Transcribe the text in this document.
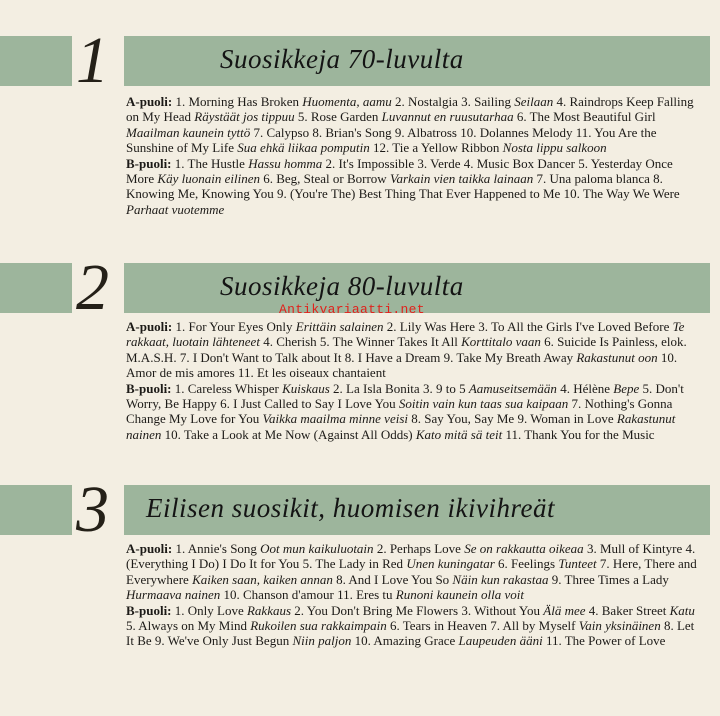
1	Suosikkeja 70-luvulta

A-puoli: 1. Morning Has Broken Huomenta, aamu 2. Nostalgia 3. Sailing Seilaan 4. Raindrops Keep Falling on My Head Räystäät jos tippuu 5. Rose Garden Luvannut en ruusutarhaa 6. The Most Beautiful Girl Maailman kaunein tyttö 7. Calypso 8. Brian's Song 9. Albatross 10. Dolannes Melody 11. You Are the Sunshine of My Life Sua ehkä liikaa pomputin 12. Tie a Yellow Ribbon Nosta lippu salkoon

B-puoli: 1. The Hustle Hassu homma 2. It's Impossible 3. Verde 4. Music Box Dancer 5. Yesterday Once More Käy luonain eilinen 6. Beg, Steal or Borrow Varkain vien taikka lainaan 7. Una paloma blanca 8. Knowing Me, Knowing You 9. (You're The) Best Thing That Ever Happened to Me 10. The Way We Were Parhaat vuotemme

2	Suosikkeja 80-luvulta

A-puoli: 1. For Your Eyes Only Erittäin salainen 2. Lily Was Here 3. To All the Girls I've Loved Before Te rakkaat, luotain lähteneet 4. Cherish 5. The Winner Takes It All Korttitalo vaan 6. Suicide Is Painless, elok. M.A.S.H. 7. I Don't Want to Talk about It 8. I Have a Dream 9. Take My Breath Away Rakastunut oon 10. Amor de mis amores 11. Et les oiseaux chantaient

B-puoli: 1. Careless Whisper Kuiskaus 2. La Isla Bonita 3. 9 to 5 Aamuseitsemään 4. Hélène Bepe 5. Don't Worry, Be Happy 6. I Just Called to Say I Love You Soitin vain kun taas sua kaipaan 7. Nothing's Gonna Change My Love for You Vaikka maailma minne veisi 8. Say You, Say Me 9. Woman in Love Rakastunut nainen 10. Take a Look at Me Now (Against All Odds) Kato mitä sä teit 11. Thank You for the Music

3 Eilisen suosikit, huomisen ikivihreät

A-puoli: 1. Annie's Song Oot mun kaikuluotain 2. Perhaps Love Se on rakkautta oikeaa 3. Mull of Kintyre 4. (Everything I Do) I Do It for You 5. The Lady in Red Unen kuningatar 6. Feelings Tunteet 7. Here, There and Everywhere Kaiken saan, kaiken annan 8. And I Love You So Näin kun rakastaa 9. Three Times a Lady Hurmaava nainen 10. Chanson d'amour 11. Eres tu Runoni kaunein olla voit

B-puoli: 1. Only Love Rakkaus 2. You Don't Bring Me Flowers 3. Without You Älä mee 4. Baker Street Katu 5. Always on My Mind Rukoilen sua rakkaimpain 6. Tears in Heaven 7. All by Myself Vain yksinäinen 8. Let It Be 9. We've Only Just Begun Niin paljon 10. Amazing Grace Laupeuden ääni 11. The Power of Love

Antikvariaatti.net
